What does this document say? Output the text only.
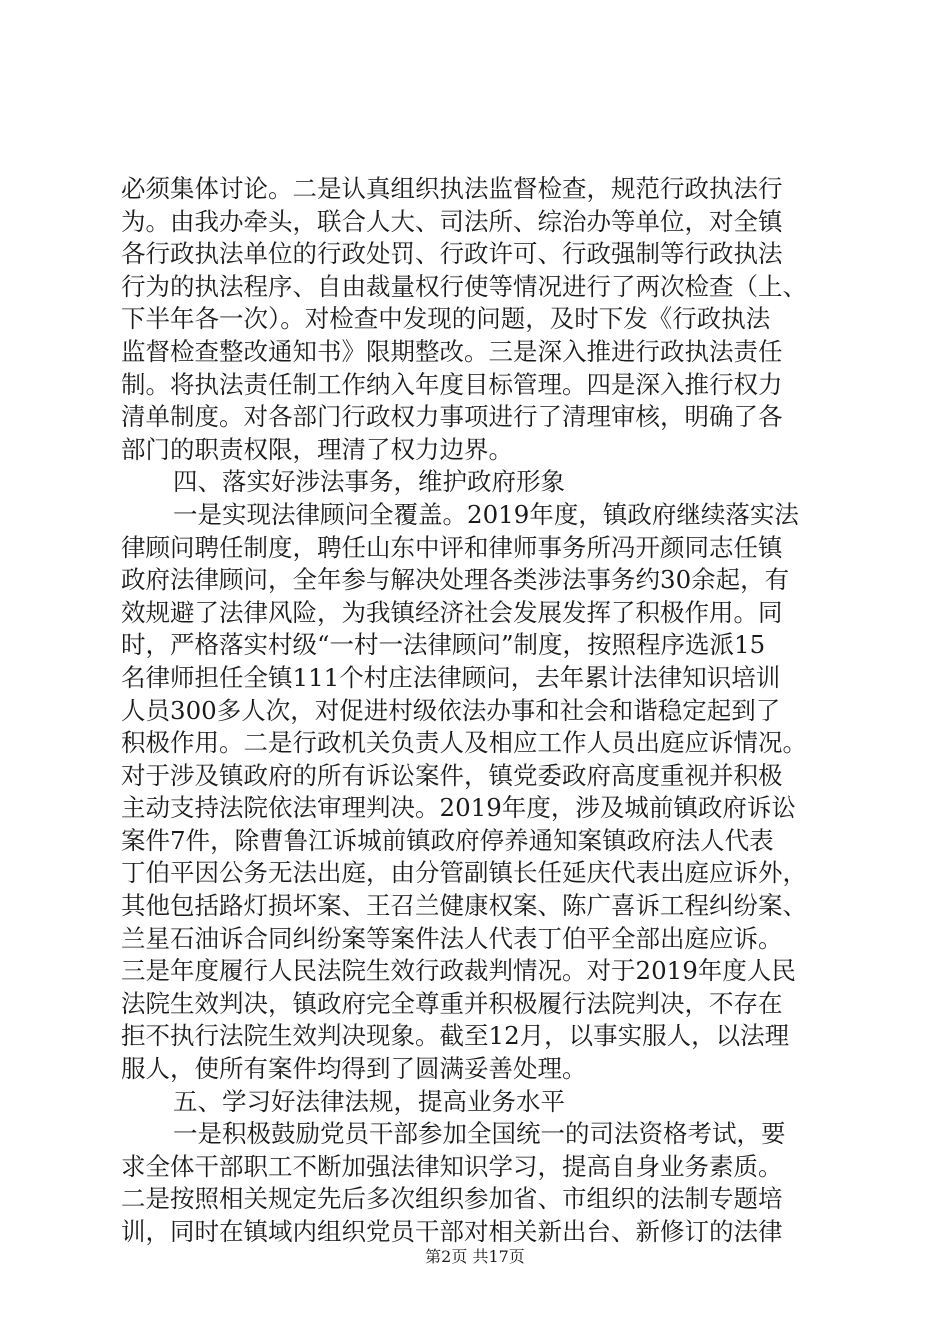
必须集体讨论。二是认真组织执法监督检查，规范行政执法行
为。由我办牵头，联合人大、司法所、综治办等单位，对全镇
各行政执法单位的行政处罚、行政许可、行政强制等行政执法
行为的执法程序、自由裁量权行使等情况进行了两次检查（上、
下半年各一次）。对检查中发现的问题，及时下发《行政执法
监督检查整改通知书》限期整改。三是深入推进行政执法责任
制。将执法责任制工作纳入年度目标管理。四是深入推行权力
清单制度。对各部门行政权力事项进行了清理审核，明确了各
部门的职责权限，理清了权力边界。
四、落实好涉法事务，维护政府形象
一是实现法律顾问全覆盖。2019年度，镇政府继续落实法
律顾问聘任制度，聘任山东中评和律师事务所冯开颜同志任镇
政府法律顾问，全年参与解决处理各类涉法事务约30余起，有
效规避了法律风险，为我镇经济社会发展发挥了积极作用。同
时，严格落实村级“一村一法律顾问”制度，按照程序选派15
名律师担任全镇111个村庄法律顾问，去年累计法律知识培训
人员300多人次，对促进村级依法办事和社会和谐稳定起到了
积极作用。二是行政机关负责人及相应工作人员出庭应诉情况。
对于涉及镇政府的所有诉讼案件，镇党委政府高度重视并积极
主动支持法院依法审理判决。2019年度，涉及城前镇政府诉讼
案件7件，除曹鲁江诉城前镇政府停养通知案镇政府法人代表
丁伯平因公务无法出庭，由分管副镇长任延庆代表出庭应诉外，
其他包括路灯损坏案、王召兰健康权案、陈广喜诉工程纠纷案、
兰星石油诉合同纠纷案等案件法人代表丁伯平全部出庭应诉。
三是年度履行人民法院生效行政裁判情况。对于2019年度人民
法院生效判决，镇政府完全尊重并积极履行法院判决，不存在
拒不执行法院生效判决现象。截至12月，以事实服人，以法理
服人，使所有案件均得到了圆满妥善处理。
五、学习好法律法规，提高业务水平
一是积极鼓励党员干部参加全国统一的司法资格考试，要
求全体干部职工不断加强法律知识学习，提高自身业务素质。
二是按照相关规定先后多次组织参加省、市组织的法制专题培
训，同时在镇域内组织党员干部对相关新出台、新修订的法律
第2页 共17页
